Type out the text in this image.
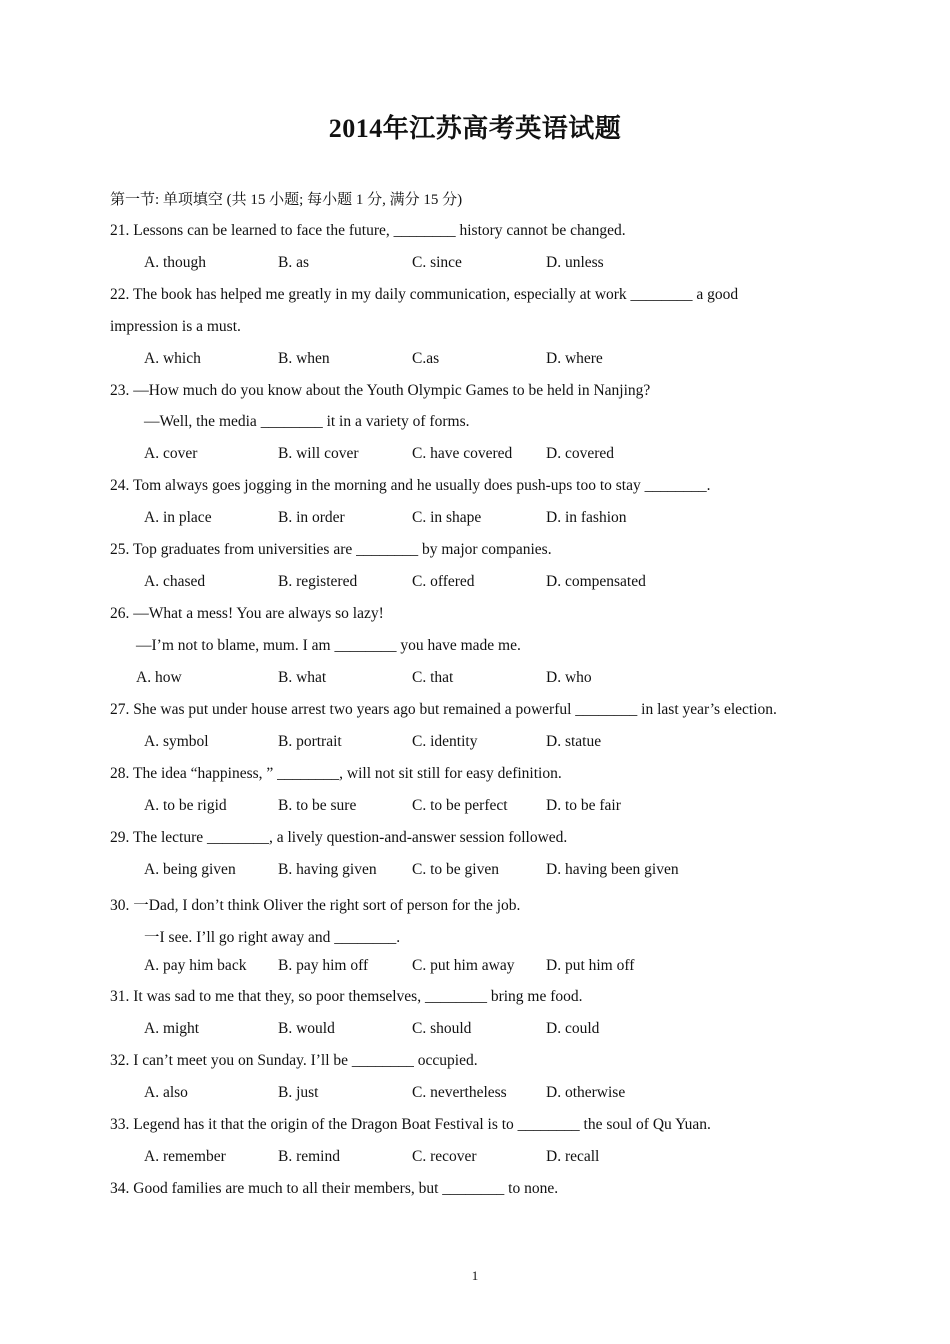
2014年江苏高考英语试题
第一节: 单项填空 (共 15 小题; 每小题 1 分, 满分 15 分)
21. Lessons can be learned to face the future, ________ history cannot be changed.
A. though	B. as	C. since	D. unless
22. The book has helped me greatly in my daily communication, especially at work ________ a good
impression is a must.
A. which	B. when	C.as	D. where
23. —How much do you know about the Youth Olympic Games to be held in Nanjing?
—Well, the media ________ it in a variety of forms.
A. cover	B. will cover	C. have covered D. covered
24. Tom always goes jogging in the morning and he usually does push-ups too to stay ________.
A. in place	B. in order	C. in shape	D. in fashion
25. Top graduates from universities are ________ by major companies.
A. chased	B. registered	C. offered	D. compensated
26. —What a mess! You are always so lazy!
—I’m not to blame, mum. I am ________ you have made me.
A. how	B. what	C. that	D. who
27. She was put under house arrest two years ago but remained a powerful ________ in last year’s election.
A. symbol	B. portrait	C. identity	D. statue
28. The idea “happiness, ” ________, will not sit still for easy definition.
A. to be rigid	B. to be sure	C. to be perfect D. to be fair
29. The lecture ________, a lively question-and-answer session followed.
A. being given	B. having given C. to be given	D. having been given
30. 一Dad, I don’t think Oliver the right sort of person for the job.
一I see. I’ll go right away and ________.
A. pay him back B. pay him off	C. put him away D. put him off
31. It was sad to me that they, so poor themselves, ________ bring me food.
A. might	B. would	C. should	D. could
32. I can’t meet you on Sunday. I’ll be ________ occupied.
A. also	B. just	C. nevertheless	D. otherwise
33. Legend has it that the origin of the Dragon Boat Festival is to ________ the soul of Qu Yuan.
A. remember	B. remind	C. recover	D. recall
34. Good families are much to all their members, but ________ to none.
1
